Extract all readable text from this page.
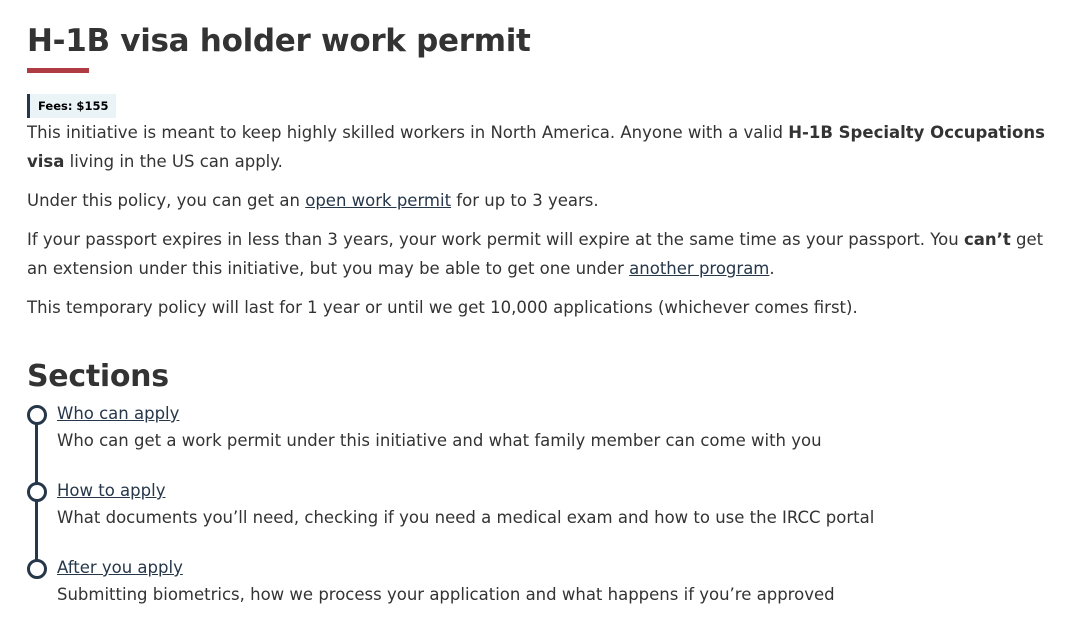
H-1B visa holder work permit
Fees: $155

This initiative is meant to keep highly skilled workers in North America. Anyone with a valid H-1B Specialty Occupations visa living in the US can apply.

Under this policy, you can get an open work permit for up to 3 years.

If your passport expires in less than 3 years, your work permit will expire at the same time as your passport. You can’t get an extension under this initiative, but you may be able to get one under another program.

This temporary policy will last for 1 year or until we get 10,000 applications (whichever comes first).

Sections
Who can apply
Who can get a work permit under this initiative and what family member can come with you
How to apply
What documents you’ll need, checking if you need a medical exam and how to use the IRCC portal
After you apply
Submitting biometrics, how we process your application and what happens if you’re approved
